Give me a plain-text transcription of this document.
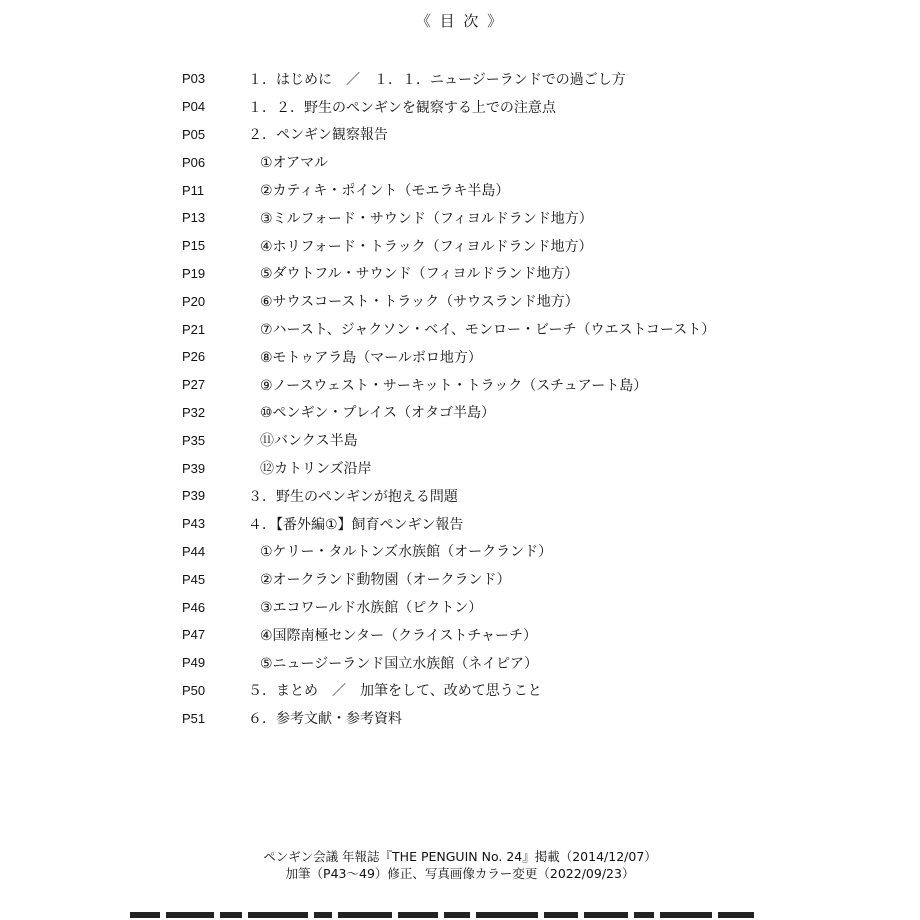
《 目 次 》
P03	１．はじめに　／　１．１．ニュージーランドでの過ごし方
P04	１．２．野生のペンギンを観察する上での注意点
P05	２．ペンギン観察報告
P06	①オアマル
P11	②カティキ・ポイント（モエラキ半島）
P13	③ミルフォード・サウンド（フィヨルドランド地方）
P15	④ホリフォード・トラック（フィヨルドランド地方）
P19	⑤ダウトフル・サウンド（フィヨルドランド地方）
P20	⑥サウスコースト・トラック（サウスランド地方）
P21	⑦ハースト、ジャクソン・ベイ、モンロー・ビーチ（ウエストコースト）
P26	⑧モトゥアラ島（マールボロ地方）
P27	⑨ノースウェスト・サーキット・トラック（スチュアート島）
P32	⑩ペンギン・プレイス（オタゴ半島）
P35	⑪バンクス半島
P39	⑫カトリンズ沿岸
P39	３．野生のペンギンが抱える問題
P43	４．【番外編①】飼育ペンギン報告
P44	①ケリー・タルトンズ水族館（オークランド）
P45	②オークランド動物園（オークランド）
P46	③エコワールド水族館（ピクトン）
P47	④国際南極センター（クライストチャーチ）
P49	⑤ニュージーランド国立水族館（ネイピア）
P50	５．まとめ　／　加筆をして、改めて思うこと
P51	６．参考文献・参考資料
ペンギン会議 年報誌『THE PENGUIN No. 24』掲載（2014/12/07）
加筆（P43～49）修正、写真画像カラー変更（2022/09/23）
